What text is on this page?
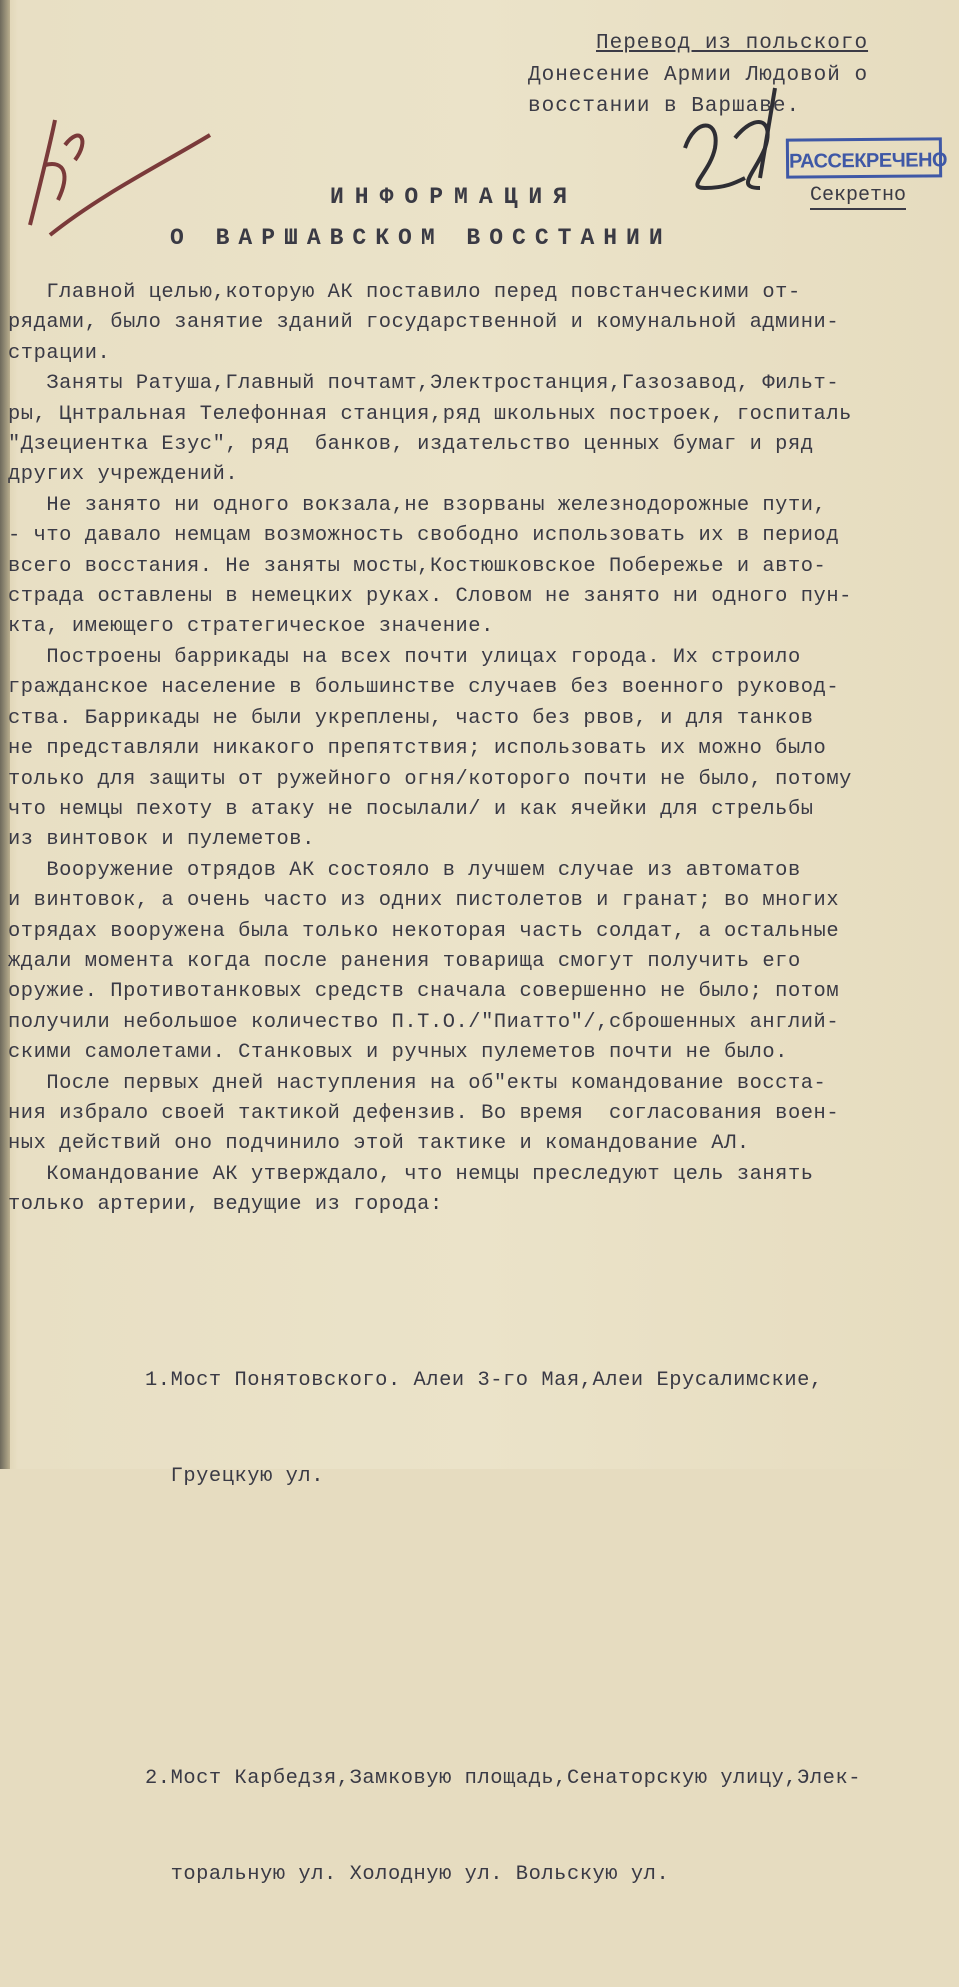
Перевод из польского
Донесение Армии Людовой о
восстании в Варшаве.
РАССЕКРЕЧЕНО
Секретно
ИНФОРМАЦИЯ
О ВАРШАВСКОМ ВОССТАНИИ
Главной целью,которую АК поставило перед повстанческими от-
рядами, было занятие зданий государственной и комунальной админи-
страции.
Заняты Ратуша,Главный почтамт,Электростанция,Газозавод, Фильт-
ры, Цнтральная Телефонная станция,ряд школьных построек, госпиталь
"Дзециентка Езус", ряд  банков, издательство ценных бумаг и ряд
других учреждений.
Не занято ни одного вокзала,не взорваны железнодорожные пути,
- что давало немцам возможность свободно использовать их в период
всего восстания. Не заняты мосты,Костюшковское Побережье и авто-
страда оставлены в немецких руках. Словом не занято ни одного пун-
кта, имеющего стратегическое значение.
Построены баррикады на всех почти улицах города. Их строило
гражданское население в большинстве случаев без военного руковод-
ства. Баррикады не были укреплены, часто без рвов, и для танков
не представляли никакого препятствия; использовать их можно было
только для защиты от ружейного огня/которого почти не было, потому
что немцы пехоту в атаку не посылали/ и как ячейки для стрельбы
из винтовок и пулеметов.
Вооружение отрядов АК состояло в лучшем случае из автоматов
и винтовок, а очень часто из одних пистолетов и гранат; во многих
отрядах вооружена была только некоторая часть солдат, а остальные
ждали момента когда после ранения товарища смогут получить его
оружие. Противотанковых средств сначала совершенно не было; потом
получили небольшое количество П.Т.О./"Пиатто"/,сброшенных англий-
скими самолетами. Станковых и ручных пулеметов почти не было.
После первых дней наступления на об"екты командование восста-
ния избрало своей тактикой дефензив. Во время  согласования воен-
ных действий оно подчинило этой тактике и командование АЛ.
Командование АК утверждало, что немцы преследуют цель занять
только артерии, ведущие из города:

1.Мост Понятовского. Алеи 3-го Мая,Алеи Ерусалимские,

Груецкую ул.

2.Мост Карбедзя,Замковую площадь,Сенаторскую улицу,Элек-

торальную ул. Холодную ул. Вольскую ул.
